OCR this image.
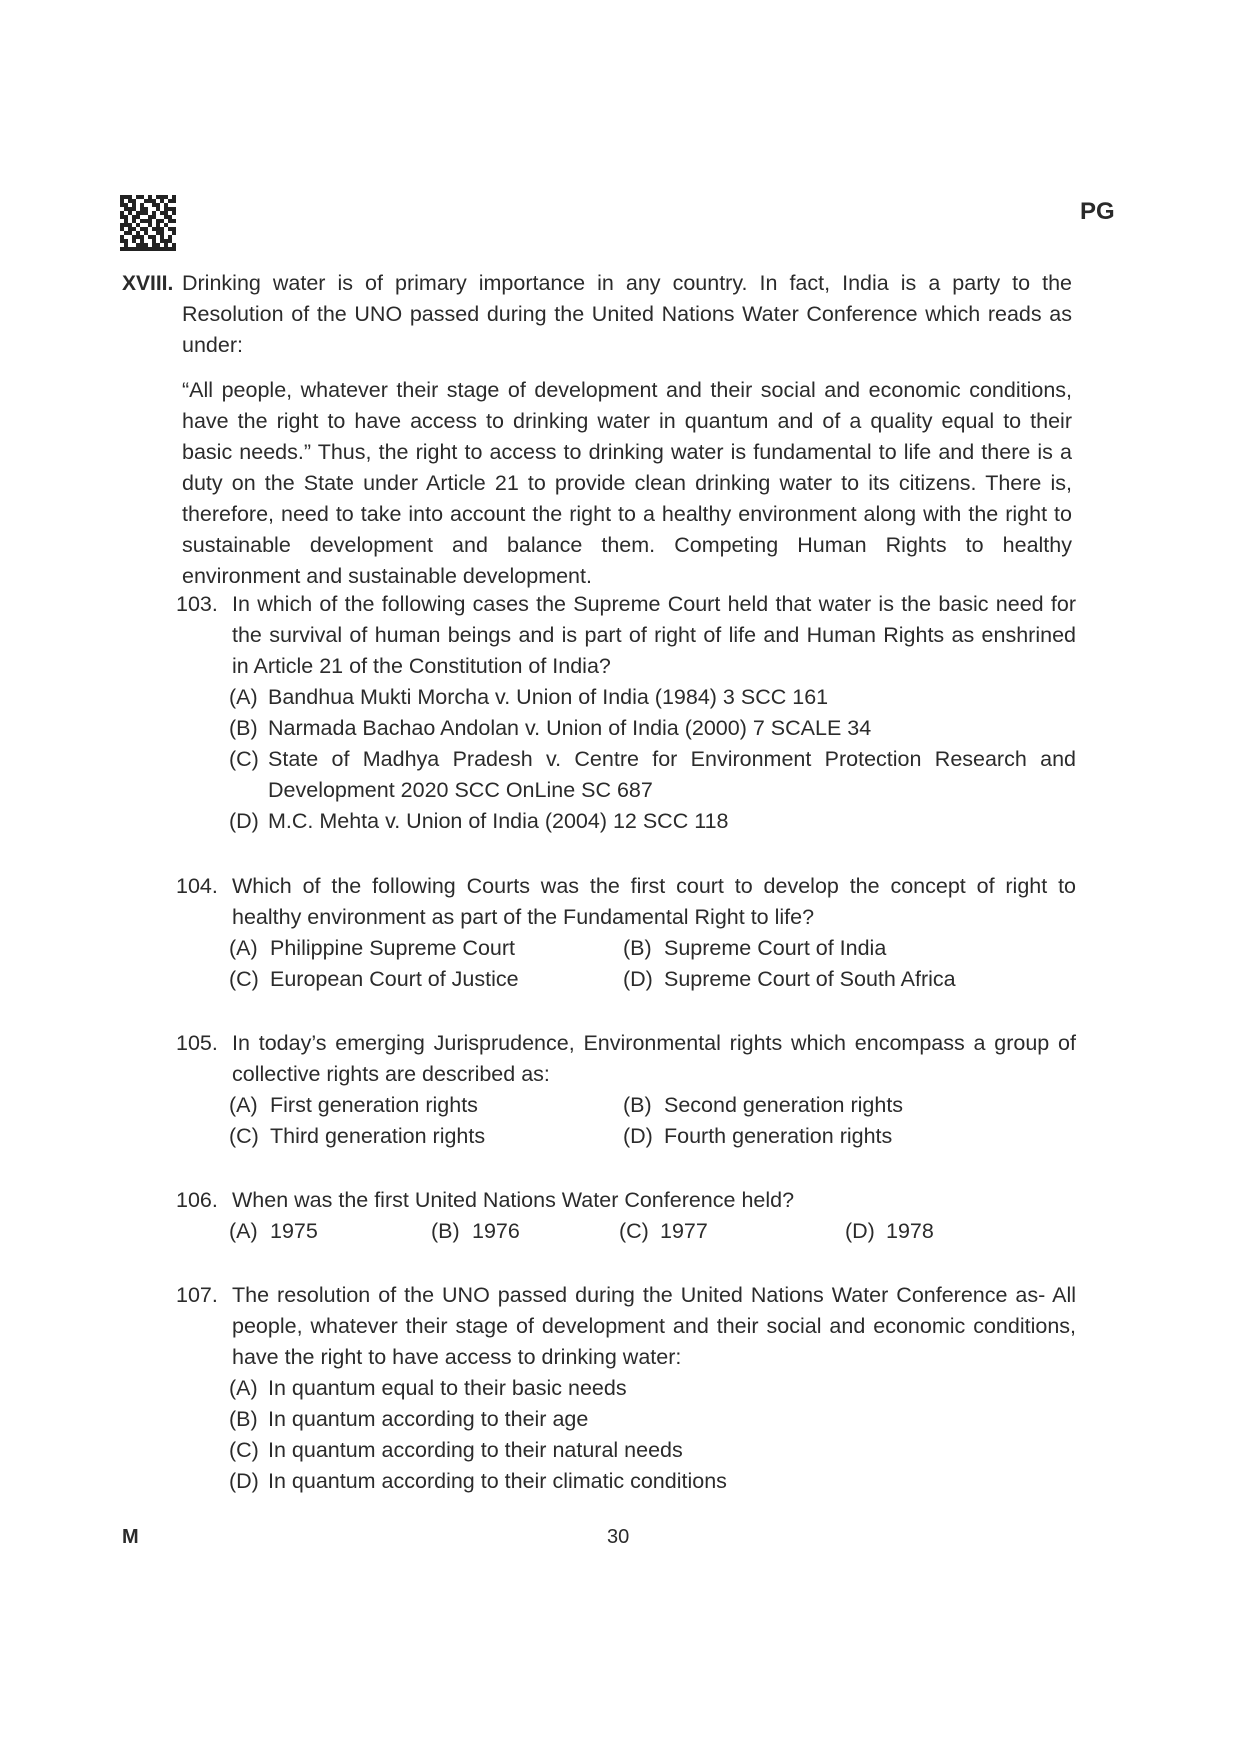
PG
XVIII. Drinking water is of primary importance in any country. In fact, India is a party to the Resolution of the UNO passed during the United Nations Water Conference which reads as under:
“All people, whatever their stage of development and their social and economic conditions, have the right to have access to drinking water in quantum and of a quality equal to their basic needs.” Thus, the right to access to drinking water is fundamental to life and there is a duty on the State under Article 21 to provide clean drinking water to its citizens. There is, therefore, need to take into account the right to a healthy environment along with the right to sustainable development and balance them. Competing Human Rights to healthy environment and sustainable development.
103. In which of the following cases the Supreme Court held that water is the basic need for the survival of human beings and is part of right of life and Human Rights as enshrined in Article 21 of the Constitution of India?
(A) Bandhua Mukti Morcha v. Union of India (1984) 3 SCC 161
(B) Narmada Bachao Andolan v. Union of India (2000) 7 SCALE 34
(C) State of Madhya Pradesh v. Centre for Environment Protection Research and Development 2020 SCC OnLine SC 687
(D) M.C. Mehta v. Union of India (2004) 12 SCC 118
104. Which of the following Courts was the first court to develop the concept of right to healthy environment as part of the Fundamental Right to life?
(A) Philippine Supreme Court	(B) Supreme Court of India
(C) European Court of Justice	(D) Supreme Court of South Africa
105. In today’s emerging Jurisprudence, Environmental rights which encompass a group of collective rights are described as:
(A) First generation rights	(B) Second generation rights
(C) Third generation rights	(D) Fourth generation rights
106. When was the first United Nations Water Conference held?
(A) 1975	(B) 1976	(C) 1977	(D) 1978
107. The resolution of the UNO passed during the United Nations Water Conference as- All people, whatever their stage of development and their social and economic conditions, have the right to have access to drinking water:
(A) In quantum equal to their basic needs
(B) In quantum according to their age
(C) In quantum according to their natural needs
(D) In quantum according to their climatic conditions
M	30
